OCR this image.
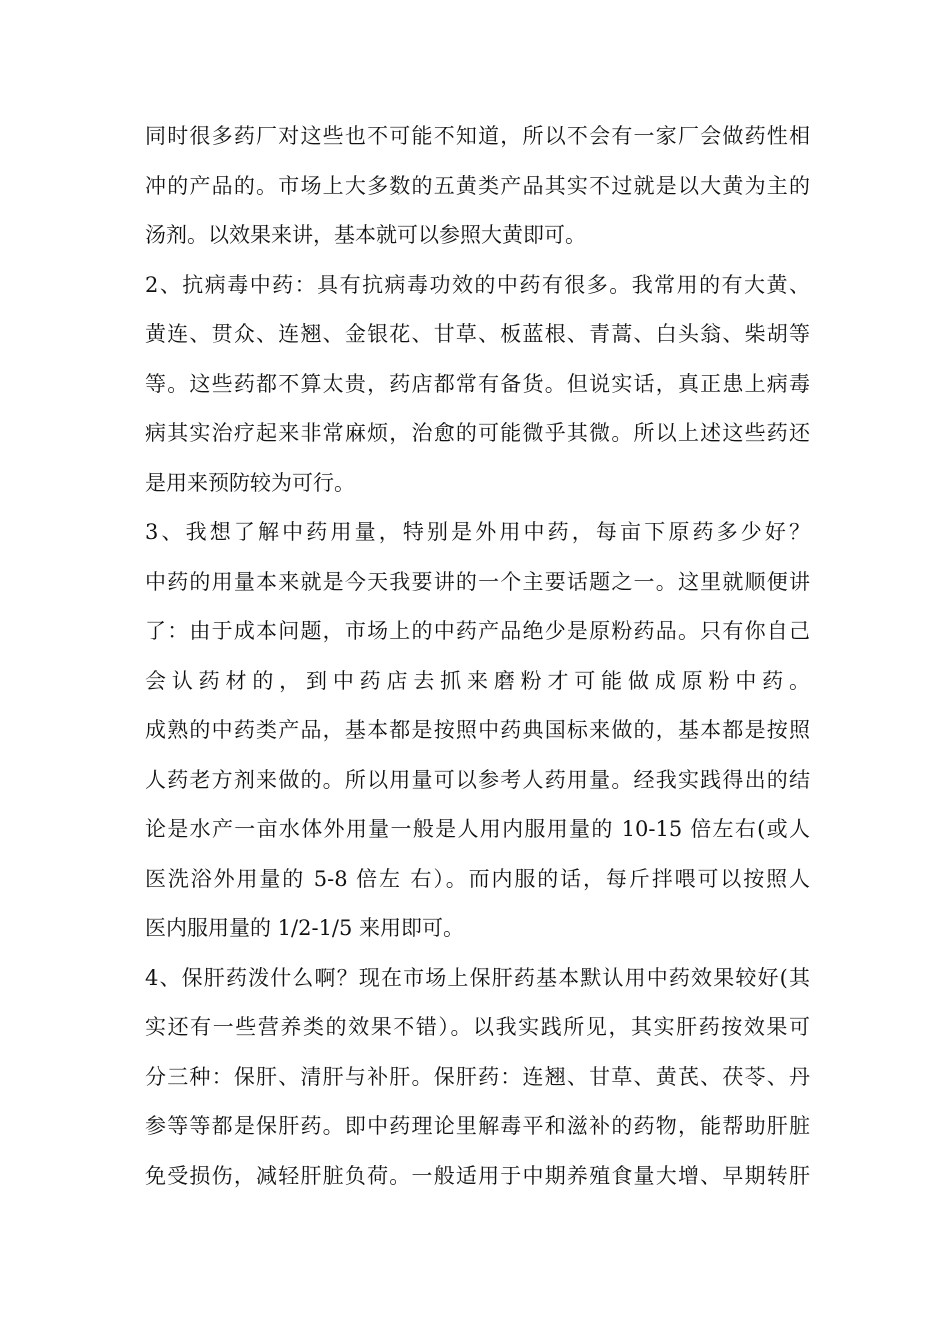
同时很多药厂对这些也不可能不知道，所以不会有一家厂会做药性相
冲的产品的。市场上大多数的五黄类产品其实不过就是以大黄为主的
汤剂。以效果来讲，基本就可以参照大黄即可。
2、抗病毒中药：具有抗病毒功效的中药有很多。我常用的有大黄、
黄连、贯众、连翘、金银花、甘草、板蓝根、青蒿、白头翁、柴胡等
等。这些药都不算太贵，药店都常有备货。但说实话，真正患上病毒
病其实治疗起来非常麻烦，治愈的可能微乎其微。所以上述这些药还
是用来预防较为可行。
3、我想了解中药用量，特别是外用中药，每亩下原药多少好？
中药的用量本来就是今天我要讲的一个主要话题之一。这里就顺便讲
了：由于成本问题，市场上的中药产品绝少是原粉药品。只有你自己
会认药材的，到中药店去抓来磨粉才可能做成原粉中药。
成熟的中药类产品，基本都是按照中药典国标来做的，基本都是按照
人药老方剂来做的。所以用量可以参考人药用量。经我实践得出的结
论是水产一亩水体外用量一般是人用内服用量的 10-15 倍左右(或人
医洗浴外用量的 5-8 倍左 右）。而内服的话，每斤拌喂可以按照人
医内服用量的 1/2-1/5 来用即可。
4、保肝药泼什么啊？现在市场上保肝药基本默认用中药效果较好(其
实还有一些营养类的效果不错）。以我实践所见，其实肝药按效果可
分三种：保肝、清肝与补肝。保肝药：连翘、甘草、黄芪、茯苓、丹
参等等都是保肝药。即中药理论里解毒平和滋补的药物，能帮助肝脏
免受损伤，减轻肝脏负荷。一般适用于中期养殖食量大增、早期转肝
